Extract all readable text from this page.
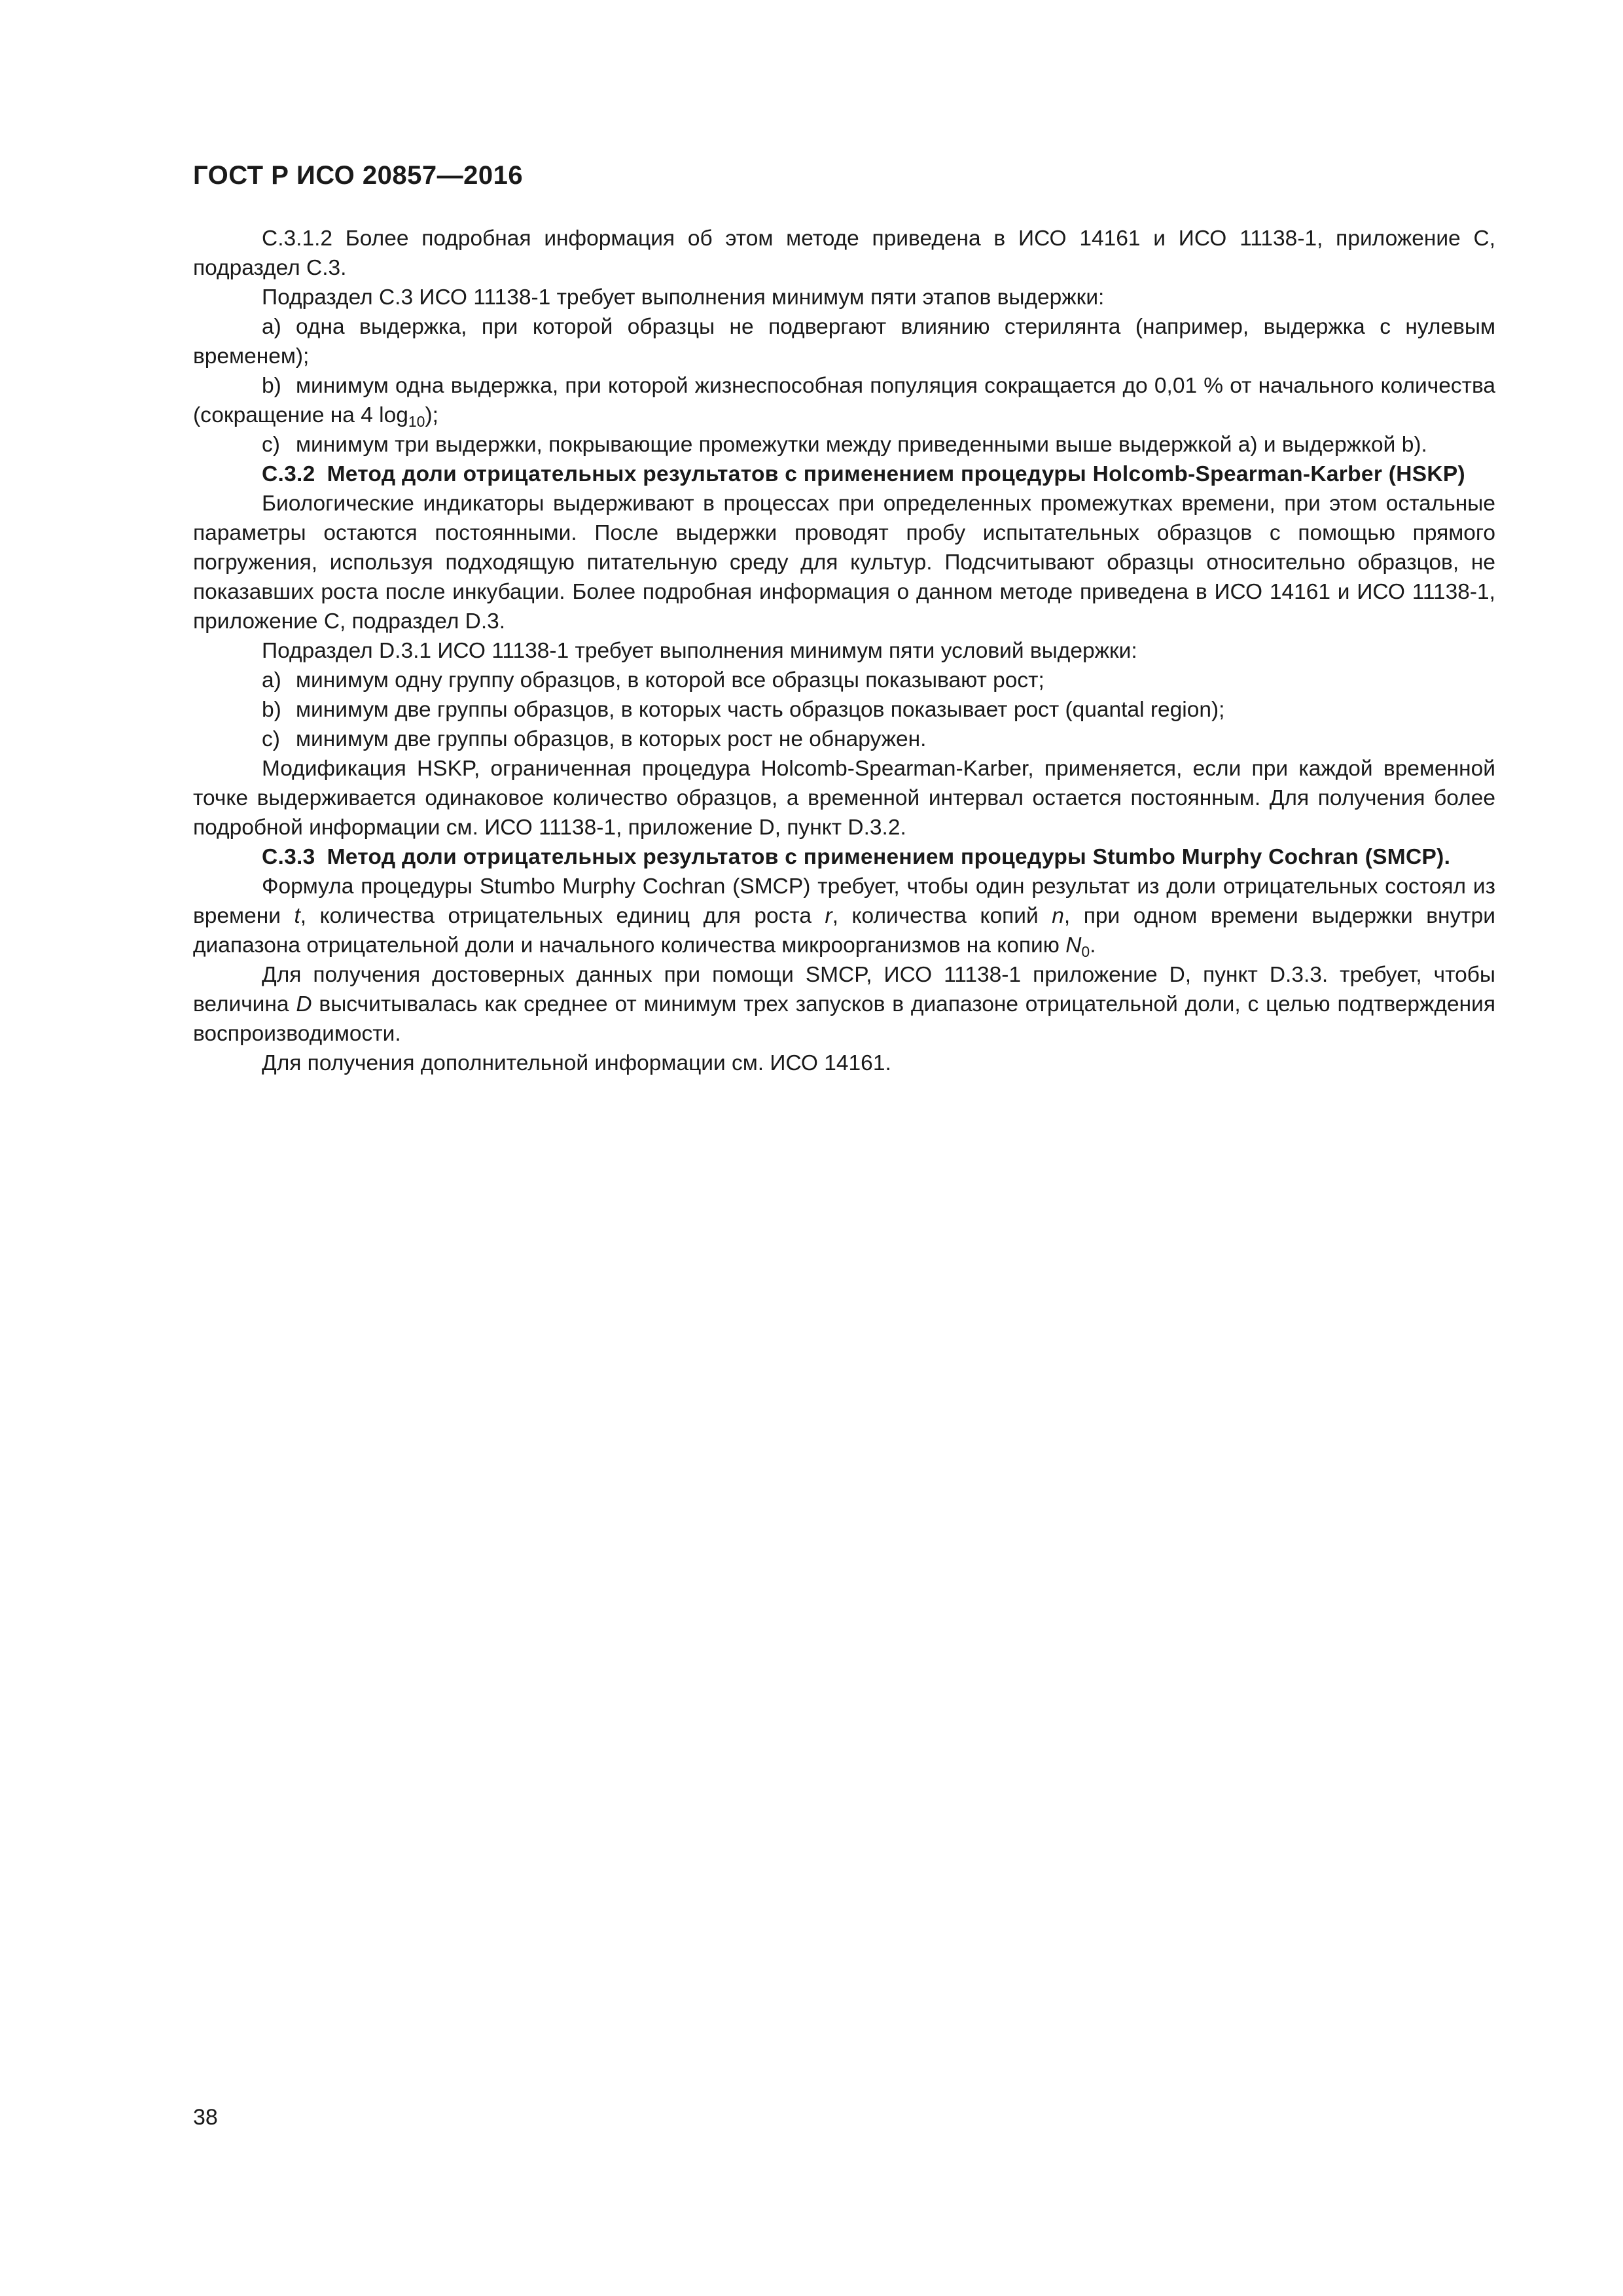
ГОСТ Р ИСО 20857—2016

С.3.1.2 Более подробная информация об этом методе приведена в ИСО 14161 и ИСО 11138-1, приложение С, подраздел С.3.

Подраздел С.3 ИСО 11138-1 требует выполнения минимум пяти этапов выдержки:

a) одна выдержка, при которой образцы не подвергают влиянию стерилянта (например, выдержка с нулевым временем);

b) минимум одна выдержка, при которой жизнеспособная популяция сокращается до 0,01 % от начального количества (сокращение на 4 $\log_{10}$);

c) минимум три выдержки, покрывающие промежутки между приведенными выше выдержкой а) и выдержкой b).

С.3.2 Метод доли отрицательных результатов с применением процедуры Holcomb-Spearman-Karber (HSKP)

Биологические индикаторы выдерживают в процессах при определенных промежутках времени, при этом остальные параметры остаются постоянными. После выдержки проводят пробу испытательных образцов с помощью прямого погружения, используя подходящую питательную среду для культур. Подсчитывают образцы относительно образцов, не показавших роста после инкубации. Более подробная информация о данном методе приведена в ИСО 14161 и ИСО 11138-1, приложение С, подраздел D.3.

Подраздел D.3.1 ИСО 11138-1 требует выполнения минимум пяти условий выдержки:

a) минимум одну группу образцов, в которой все образцы показывают рост;

b) минимум две группы образцов, в которых часть образцов показывает рост (quantal region);

c) минимум две группы образцов, в которых рост не обнаружен.

Модификация HSKP, ограниченная процедура Holcomb-Spearman-Karber, применяется, если при каждой временной точке выдерживается одинаковое количество образцов, а временной интервал остается постоянным. Для получения более подробной информации см. ИСО 11138-1, приложение D, пункт D.3.2.

С.3.3 Метод доли отрицательных результатов с применением процедуры Stumbo Murphy Cochran (SMCP).

Формула процедуры Stumbo Murphy Cochran (SMCP) требует, чтобы один результат из доли отрицательных состоял из времени t, количества отрицательных единиц для роста r, количества копий n, при одном времени выдержки внутри диапазона отрицательной доли и начального количества микроорганизмов на копию $N_0$.

Для получения достоверных данных при помощи SMCP, ИСО 11138-1 приложение D, пункт D.3.3. требует, чтобы величина D высчитывалась как среднее от минимум трех запусков в диапазоне отрицательной доли, с целью подтверждения воспроизводимости.

Для получения дополнительной информации см. ИСО 14161.

38
